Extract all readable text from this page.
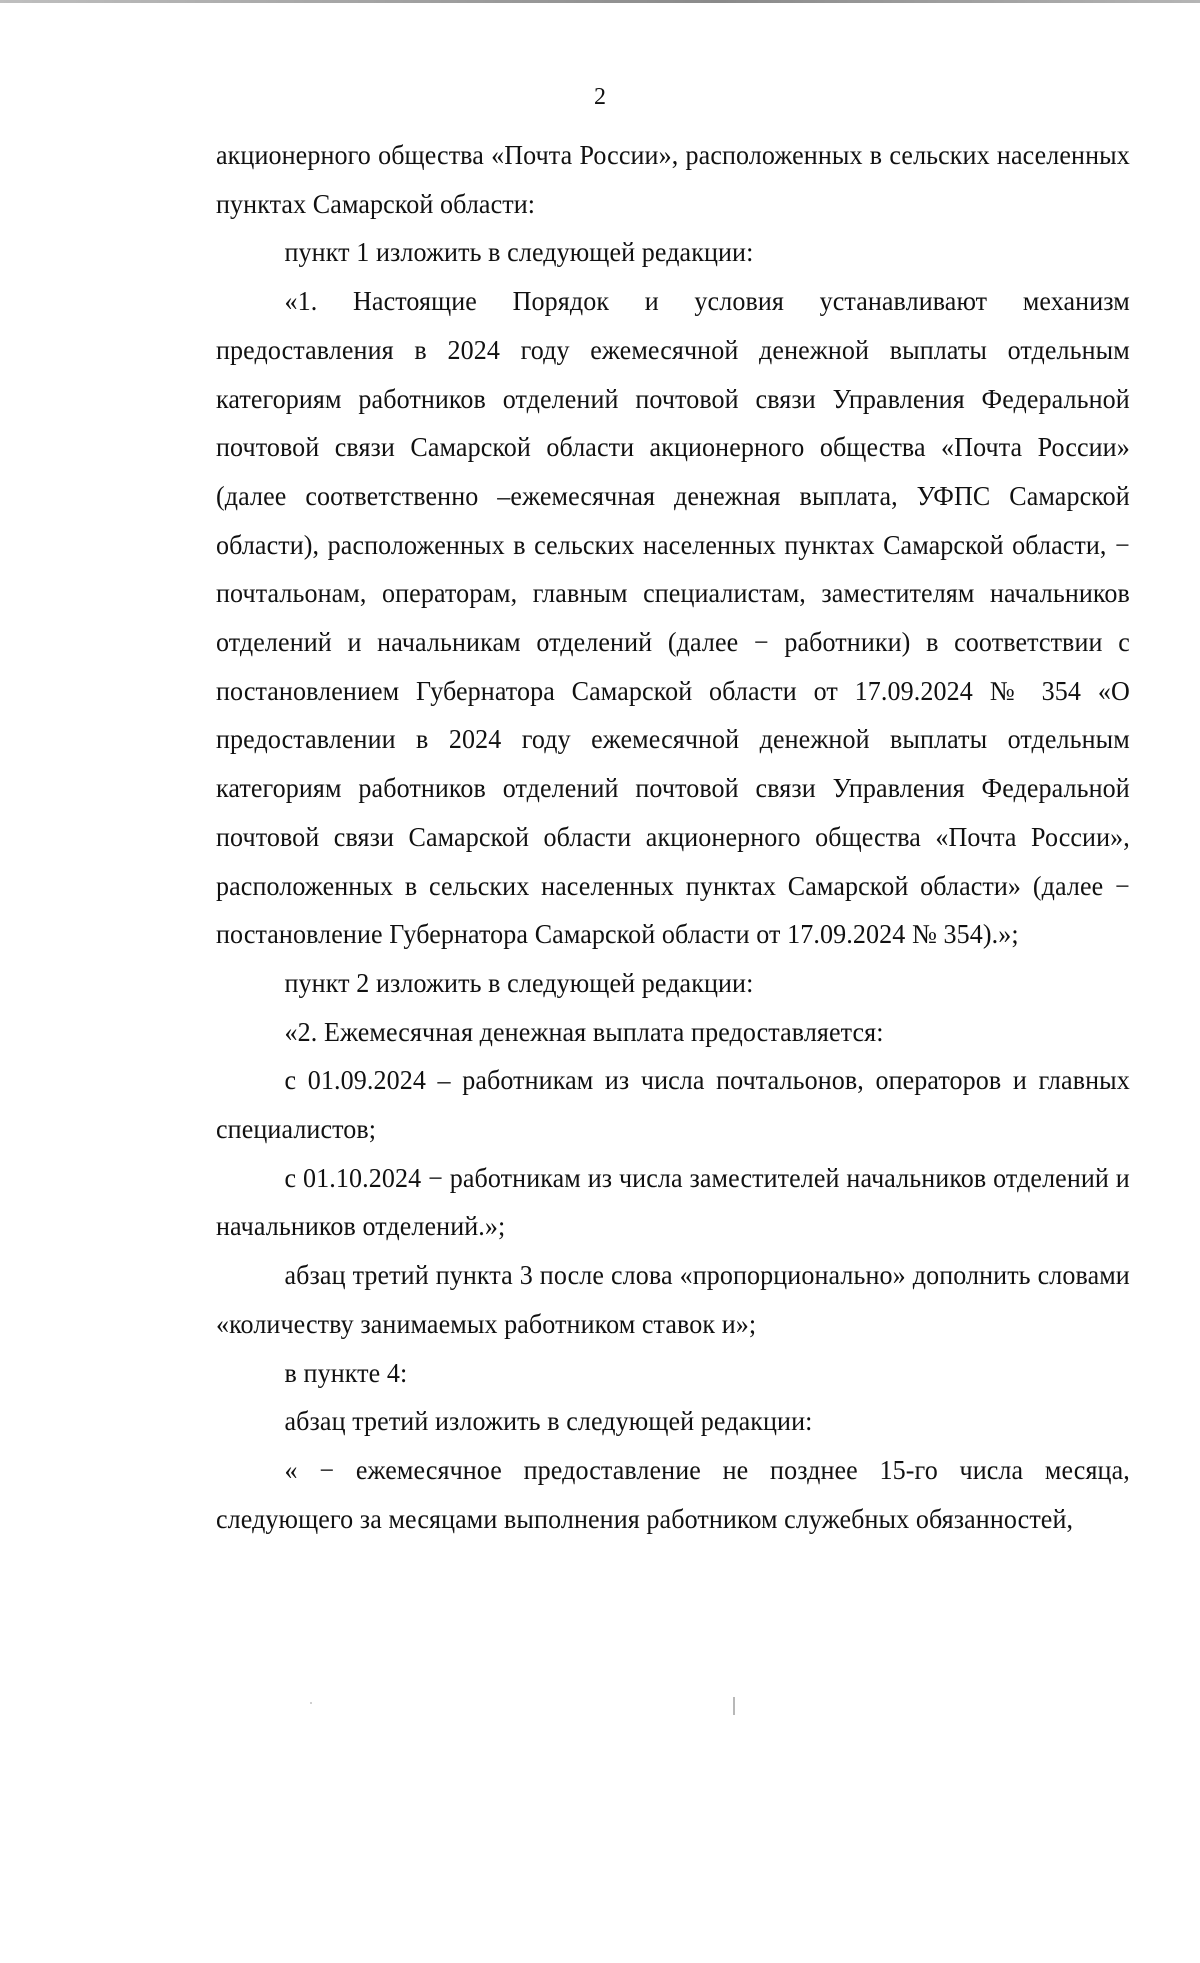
2

акционерного общества «Почта России», расположенных в сельских населенных пунктах Самарской области:

пункт 1 изложить в следующей редакции:

«1. Настоящие Порядок и условия устанавливают механизм предоставления в 2024 году ежемесячной денежной выплаты отдельным категориям работников отделений почтовой связи Управления Федеральной почтовой связи Самарской области акционерного общества «Почта России» (далее соответственно –ежемесячная денежная выплата, УФПС Самарской области), расположенных в сельских населенных пунктах Самарской области, − почтальонам, операторам, главным специалистам, заместителям начальников отделений и начальникам отделений (далее − работники) в соответствии с постановлением Губернатора Самарской области от 17.09.2024 № 354 «О предоставлении в 2024 году ежемесячной денежной выплаты отдельным категориям работников отделений почтовой связи Управления Федеральной почтовой связи Самарской области акционерного общества «Почта России», расположенных в сельских населенных пунктах Самарской области» (далее − постановление Губернатора Самарской области от 17.09.2024 № 354).»;

пункт 2 изложить в следующей редакции:

«2. Ежемесячная денежная выплата предоставляется:

с 01.09.2024 – работникам из числа почтальонов, операторов и главных специалистов;

с 01.10.2024 − работникам из числа заместителей начальников отделений и начальников отделений.»;

абзац третий пункта 3 после слова «пропорционально» дополнить словами «количеству занимаемых работником ставок и»;

в пункте 4:

абзац третий изложить в следующей редакции:

« − ежемесячное предоставление не позднее 15-го числа месяца, следующего за месяцами выполнения работником служебных обязанностей,
